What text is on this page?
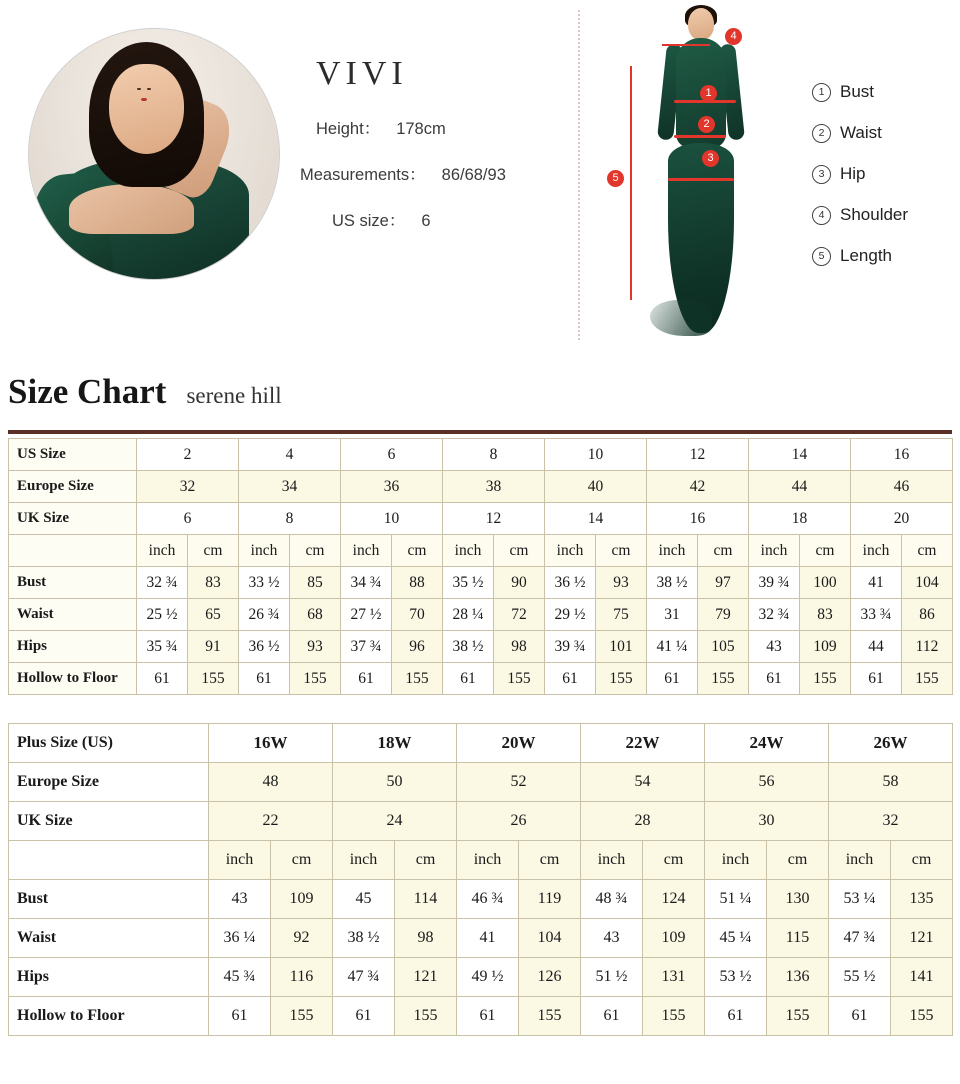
VIVI
Height： 178cm
Measurements： 86/68/93
US size： 6
4
1
2
3
5
1 Bust
2 Waist
3 Hip
4 Shoulder
5 Length
Size Chart serene hill
US Size	2		4		6		8		10		12		14		16	
Europe Size	32		34		36		38		40		42		44		46	
UK Size	6		8		10		12		14		16		18		20	
	inch	cm	inch	cm	inch	cm	inch	cm	inch	cm	inch	cm	inch	cm	inch	cm
Bust	32 ¾	83	33 ½	85	34 ¾	88	35 ½	90	36 ½	93	38 ½	97	39 ¾	100	41	104
Waist	25 ½	65	26 ¾	68	27 ½	70	28 ¼	72	29 ½	75	31	79	32 ¾	83	33 ¾	86
Hips	35 ¾	91	36 ½	93	37 ¾	96	38 ½	98	39 ¾	101	41 ¼	105	43	109	44	112
Hollow to Floor	61	155	61	155	61	155	61	155	61	155	61	155	61	155	61	155
Plus Size (US)	16W		18W		20W		22W		24W		26W	
Europe Size	48		50		52		54		56		58	
UK Size	22		24		26		28		30		32	
	inch	cm	inch	cm	inch	cm	inch	cm	inch	cm	inch	cm
Bust	43	109	45	114	46 ¾	119	48 ¾	124	51 ¼	130	53 ¼	135
Waist	36 ¼	92	38 ½	98	41	104	43	109	45 ¼	115	47 ¾	121
Hips	45 ¾	116	47 ¾	121	49 ½	126	51 ½	131	53 ½	136	55 ½	141
Hollow to Floor	61	155	61	155	61	155	61	155	61	155	61	155
